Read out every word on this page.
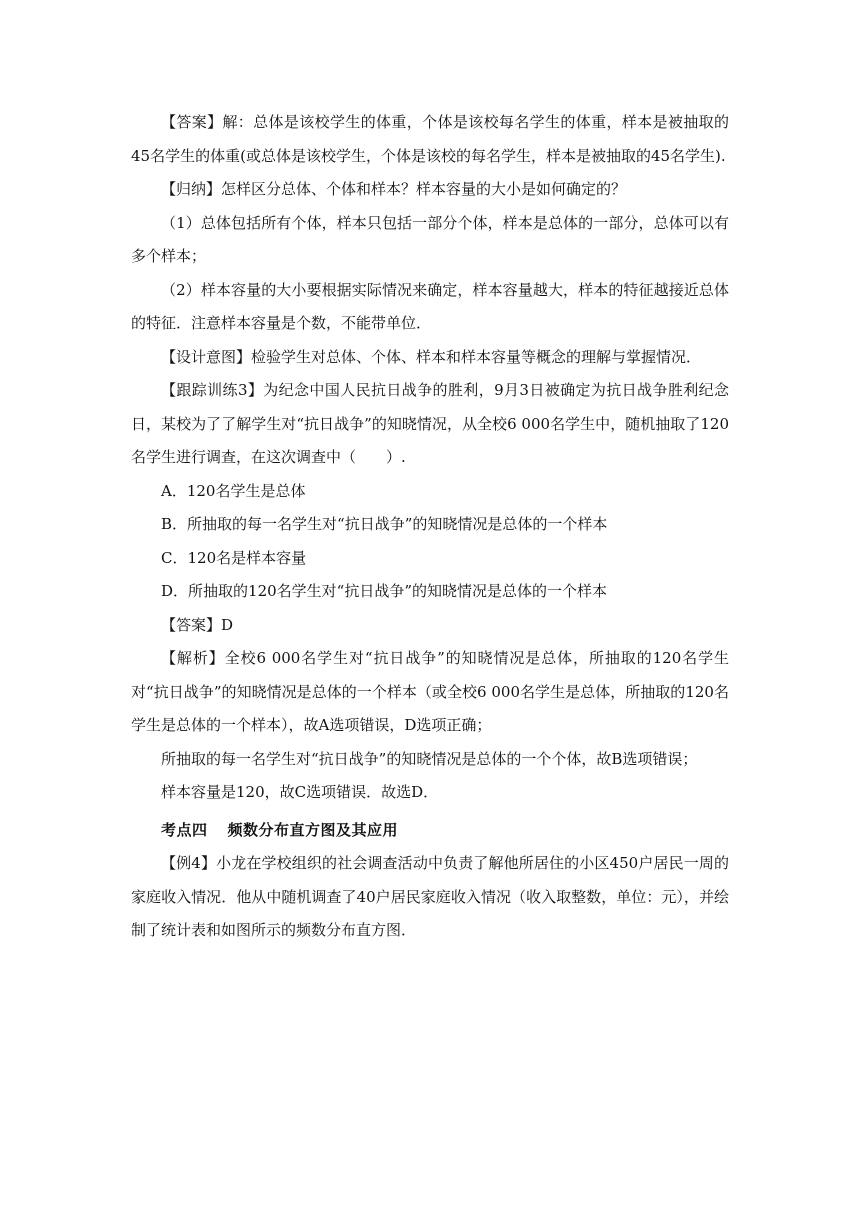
【答案】解：总体是该校学生的体重，个体是该校每名学生的体重，样本是被抽取的45名学生的体重(或总体是该校学生，个体是该校的每名学生，样本是被抽取的45名学生).

【归纳】怎样区分总体、个体和样本？样本容量的大小是如何确定的？

（1）总体包括所有个体，样本只包括一部分个体，样本是总体的一部分，总体可以有多个样本；

（2）样本容量的大小要根据实际情况来确定，样本容量越大，样本的特征越接近总体的特征．注意样本容量是个数，不能带单位．

【设计意图】检验学生对总体、个体、样本和样本容量等概念的理解与掌握情况．

【跟踪训练3】为纪念中国人民抗日战争的胜利，9月3日被确定为抗日战争胜利纪念日，某校为了了解学生对“抗日战争”的知晓情况，从全校6 000名学生中，随机抽取了120名学生进行调查，在这次调查中（　　）.

A．120名学生是总体

B．所抽取的每一名学生对“抗日战争”的知晓情况是总体的一个样本

C．120名是样本容量

D．所抽取的120名学生对“抗日战争”的知晓情况是总体的一个样本

【答案】D

【解析】全校6 000名学生对“抗日战争”的知晓情况是总体，所抽取的120名学生对“抗日战争”的知晓情况是总体的一个样本（或全校6 000名学生是总体，所抽取的120名学生是总体的一个样本），故A选项错误，D选项正确；

所抽取的每一名学生对“抗日战争”的知晓情况是总体的一个个体，故B选项错误；

样本容量是120，故C选项错误．故选D．

考点四 频数分布直方图及其应用

【例4】小龙在学校组织的社会调查活动中负责了解他所居住的小区450户居民一周的家庭收入情况．他从中随机调查了40户居民家庭收入情况（收入取整数，单位：元），并绘制了统计表和如图所示的频数分布直方图．
